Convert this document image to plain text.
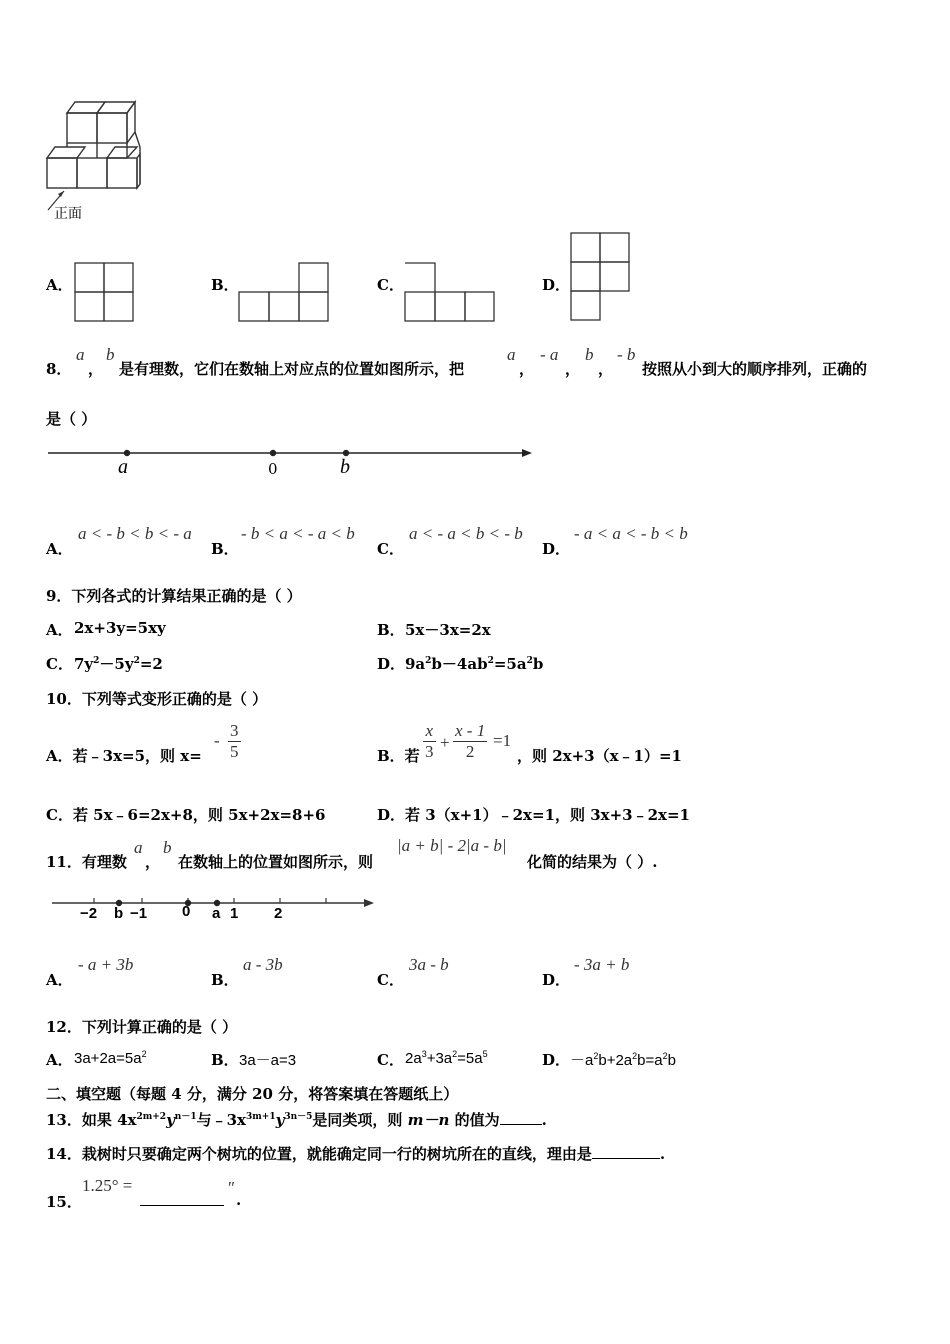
正面
A．	B．	C．	D．
8．
a
，
b
是有理数，它们在数轴上对应点的位置如图所示，把
a
，
- a
，
b
，
- b
按照从小到大的顺序排列，正确的
是（ ）
a	0	b
A．
a < - b < b < - a
B．
- b < a < - a < b
C．
a < - a < b < - b
D．
- a < a < - b < b
9．下列各式的计算结果正确的是（ ）
A． 2x+3y=5xy	B． 5x－3x=2x
C． $7y^2-5y^2=2$	D． $9a^2b-4ab^2=5a^2b$
10．下列等式变形正确的是（ ）
A．若﹣3x=5，则 x=
- $\frac{3}{5}$	B．若 $\frac{x}{3} + \frac{x - 1}{2} =1$
，则 2x+3（x﹣1）=1
C．若 5x﹣6=2x+8，则 5x+2x=8+6	D．若 3（x+1）﹣2x=1，则 3x+3﹣2x=1
11．有理数
a
，
b
在数轴上的位置如图所示，则
|a + b| - 2|a - b|
化简的结果为（ ）.
−2 b −1 0 a 1 2
A．
- a + 3b
B．
a - 3b
C．
3a - b
D．
- 3a + b
12．下列计算正确的是（ ）
A． $3a+2a=5a^2$	B． 3a－a=3	C． $2a^3+3a^2=5a^5$	D． $-a^2b+2a^2b=a^2b$
二、填空题（每题 4 分，满分 20 分，将答案填在答题纸上）
13．如果 $4x^{2m+2}y^{n-1}$与$﹣3x^{3m+1}y^{3n-5}$是同类项，则 m－n 的值为	.
14．栽树时只要确定两个树坑的位置，就能确定同一行的树坑所在的直线，理由是	.
15．
1.25° =	″
.
